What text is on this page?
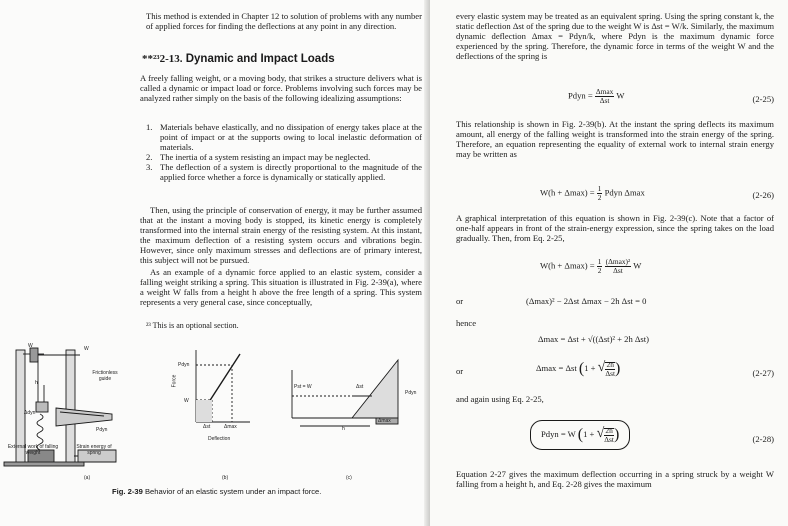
This method is extended in Chapter 12 to solution of problems with any number of applied forces for finding the deflections at any point in any direction.

**²³2-13. Dynamic and Impact Loads

A freely falling weight, or a moving body, that strikes a structure delivers what is called a dynamic or impact load or force. Problems involving such forces may be analyzed rather simply on the basis of the following idealizing assumptions:

1. Materials behave elastically, and no dissipation of energy takes place at the point of impact or at the supports owing to local inelastic deformation of materials.
2. The inertia of a system resisting an impact may be neglected.
3. The deflection of a system is directly proportional to the magnitude of the applied force whether a force is dynamically or statically applied.

Then, using the principle of conservation of energy, it may be further assumed that at the instant a moving body is stopped, its kinetic energy is completely transformed into the internal strain energy of the resisting system. At this instant, the maximum deflection of a resisting system occurs and vibrations begin. However, since only maximum stresses and deflections are of primary interest, this subject will not be pursued.

As an example of a dynamic force applied to an elastic system, consider a falling weight striking a spring. This situation is illustrated in Fig. 2-39(a), where a weight W falls from a height h above the free length of a spring. This system represents a very general case, since conceptually,

²³ This is an optional section.
W	W
h
Frictionless guide
Δdyn
Pdyn
External work of falling weight
Strain energy of spring
Force
Pdyn
W
Δst	Δmax
Deflection
Pst = W	Δst
Pdyn
h
Δmax
(a)	(b)	(c)
Fig. 2-39 Behavior of an elastic system under an impact force.

every elastic system may be treated as an equivalent spring. Using the spring constant k, the static deflection Δst of the spring due to the weight W is Δst = W/k. Similarly, the maximum dynamic deflection Δmax = Pdyn/k, where Pdyn is the maximum dynamic force experienced by the spring. Therefore, the dynamic force in terms of the weight W and the deflections of the spring is

Pdyn = $\frac{\Delta\max}{\text{Δst}}$ W	(2-25)

This relationship is shown in Fig. 2-39(b). At the instant the spring deflects its maximum amount, all energy of the falling weight is transformed into the strain energy of the spring. Therefore, an equation representing the equality of external work to internal strain energy may be written as

$W(h + \Delta\max) = \frac{1}{2}$ Pdyn Δmax	(2-26)

A graphical interpretation of this equation is shown in Fig. 2-39(c). Note that a factor of one-half appears in front of the strain-energy expression, since the spring takes on the load gradually. Then, from Eq. 2-25,

$W(h + \Delta\max) = \frac{1}{2}$
$\frac{\text{(Δmax)²}}{\text{Δst}}$ W
or	(Δmax)² − 2Δst Δmax − 2h Δst = 0
hence
Δmax = Δst + √((Δst)² + 2h Δst)
or	Δmax = Δst (1 + √ $\frac{2h}{\text{Δst}}$ )	(2-27)
and again using Eq. 2-25,
Pdyn = W (1 + √ $\frac{2h}{\text{Δst}}$ )	(2-28)

Equation 2-27 gives the maximum deflection occurring in a spring struck by a weight W falling from a height h, and Eq. 2-28 gives the maximum
